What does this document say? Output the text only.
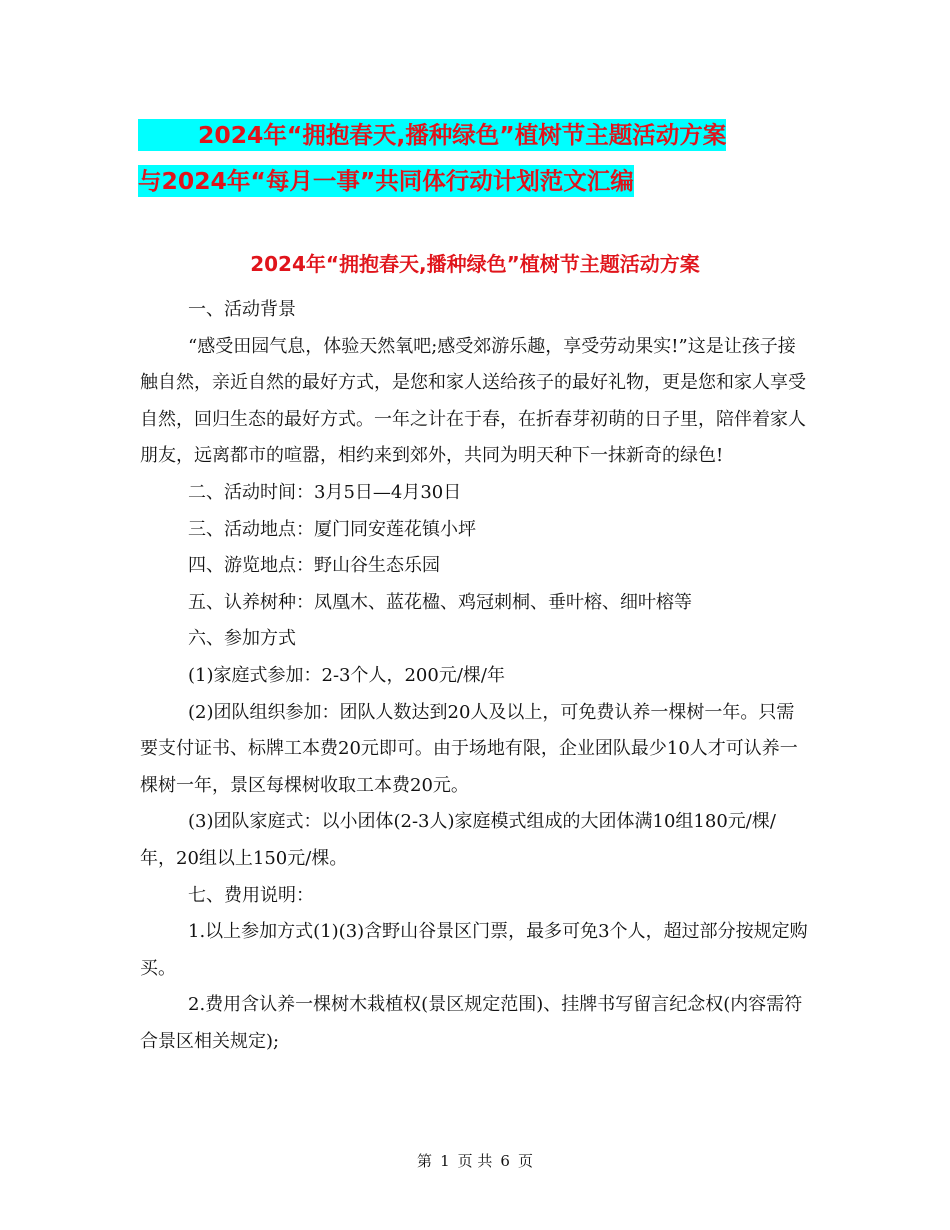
2024年“拥抱春天,播种绿色”植树节主题活动方案
与2024年“每月一事”共同体行动计划范文汇编
2024年“拥抱春天,播种绿色”植树节主题活动方案

一、活动背景

“感受田园气息，体验天然氧吧;感受郊游乐趣，享受劳动果实!”这是让孩子接触自然，亲近自然的最好方式，是您和家人送给孩子的最好礼物，更是您和家人享受自然，回归生态的最好方式。一年之计在于春，在折春芽初萌的日子里，陪伴着家人朋友，远离都市的喧嚣，相约来到郊外，共同为明天种下一抹新奇的绿色!

二、活动时间：3月5日—4月30日

三、活动地点：厦门同安莲花镇小坪

四、游览地点：野山谷生态乐园

五、认养树种：凤凰木、蓝花楹、鸡冠刺桐、垂叶榕、细叶榕等

六、参加方式

(1)家庭式参加：2-3个人，200元/棵/年

(2)团队组织参加：团队人数达到20人及以上，可免费认养一棵树一年。只需要支付证书、标牌工本费20元即可。由于场地有限，企业团队最少10人才可认养一棵树一年，景区每棵树收取工本费20元。

(3)团队家庭式：以小团体(2-3人)家庭模式组成的大团体满10组180元/棵/年，20组以上150元/棵。

七、费用说明：

1.以上参加方式(1)(3)含野山谷景区门票，最多可免3个人，超过部分按规定购买。

2.费用含认养一棵树木栽植权(景区规定范围)、挂牌书写留言纪念权(内容需符合景区相关规定);

第 1 页 共 6 页
